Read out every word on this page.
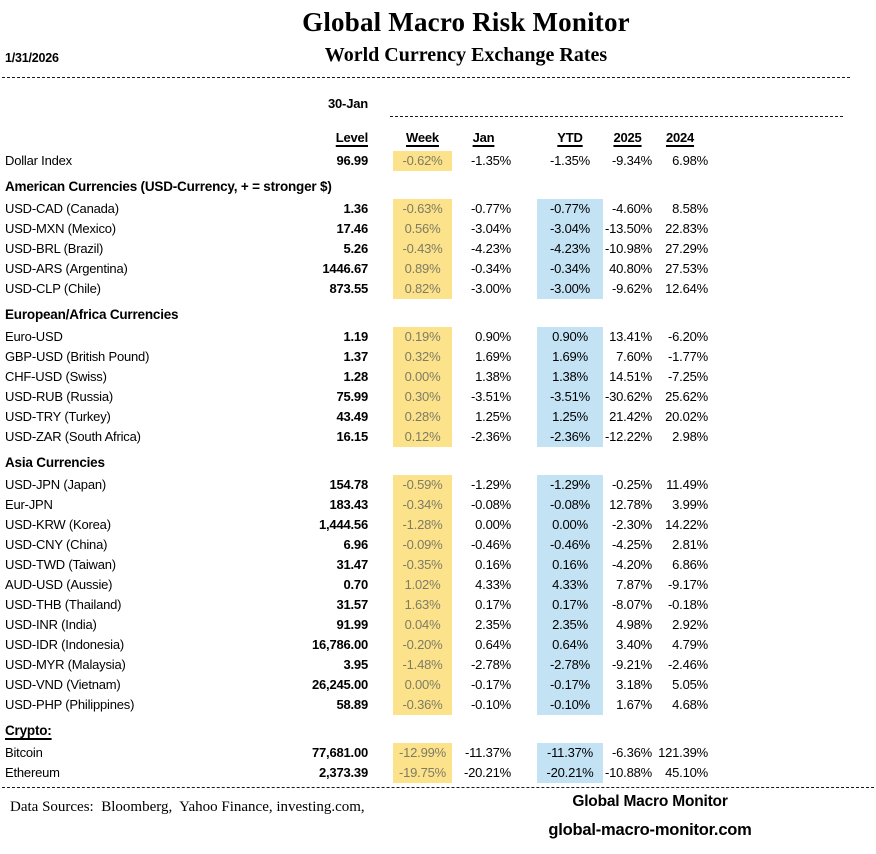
Global Macro Risk Monitor
World Currency Exchange Rates
1/31/2026
30-Jan
Level	Week	Jan	YTD	2025	2024
Dollar Index	96.99	-0.62%	-1.35%	-1.35%	-9.34%	6.98%
American Currencies (USD-Currency, + = stronger $)
USD-CAD (Canada)	1.36	-0.63%	-0.77%	-0.77%	-4.60%	8.58%
USD-MXN (Mexico)	17.46	0.56%	-3.04%	-3.04%	-13.50%	22.83%
USD-BRL (Brazil)	5.26	-0.43%	-4.23%	-4.23%	-10.98%	27.29%
USD-ARS (Argentina)	1446.67	0.89%	-0.34%	-0.34%	40.80%	27.53%
USD-CLP (Chile)	873.55	0.82%	-3.00%	-3.00%	-9.62%	12.64%
European/Africa Currencies
Euro-USD	1.19	0.19%	0.90%	0.90%	13.41%	-6.20%
GBP-USD (British Pound)	1.37	0.32%	1.69%	1.69%	7.60%	-1.77%
CHF-USD (Swiss)	1.28	0.00%	1.38%	1.38%	14.51%	-7.25%
USD-RUB (Russia)	75.99	0.30%	-3.51%	-3.51%	-30.62%	25.62%
USD-TRY (Turkey)	43.49	0.28%	1.25%	1.25%	21.42%	20.02%
USD-ZAR (South Africa)	16.15	0.12%	-2.36%	-2.36%	-12.22%	2.98%
Asia Currencies
USD-JPN (Japan)	154.78	-0.59%	-1.29%	-1.29%	-0.25%	11.49%
Eur-JPN	183.43	-0.34%	-0.08%	-0.08%	12.78%	3.99%
USD-KRW (Korea)	1,444.56	-1.28%	0.00%	0.00%	-2.30%	14.22%
USD-CNY (China)	6.96	-0.09%	-0.46%	-0.46%	-4.25%	2.81%
USD-TWD (Taiwan)	31.47	-0.35%	0.16%	0.16%	-4.20%	6.86%
AUD-USD (Aussie)	0.70	1.02%	4.33%	4.33%	7.87%	-9.17%
USD-THB (Thailand)	31.57	1.63%	0.17%	0.17%	-8.07%	-0.18%
USD-INR (India)	91.99	0.04%	2.35%	2.35%	4.98%	2.92%
USD-IDR (Indonesia)	16,786.00	-0.20%	0.64%	0.64%	3.40%	4.79%
USD-MYR (Malaysia)	3.95	-1.48%	-2.78%	-2.78%	-9.21%	-2.46%
USD-VND (Vietnam)	26,245.00	0.00%	-0.17%	-0.17%	3.18%	5.05%
USD-PHP (Philippines)	58.89	-0.36%	-0.10%	-0.10%	1.67%	4.68%
Crypto:
Bitcoin	77,681.00	-12.99%	-11.37%	-11.37%	-6.36% 121.39%
Ethereum	2,373.39	-19.75%	-20.21%	-20.21% -10.88%	45.10%
Data Sources:  Bloomberg,  Yahoo Finance, investing.com,	Global Macro Monitor
global-macro-monitor.com
